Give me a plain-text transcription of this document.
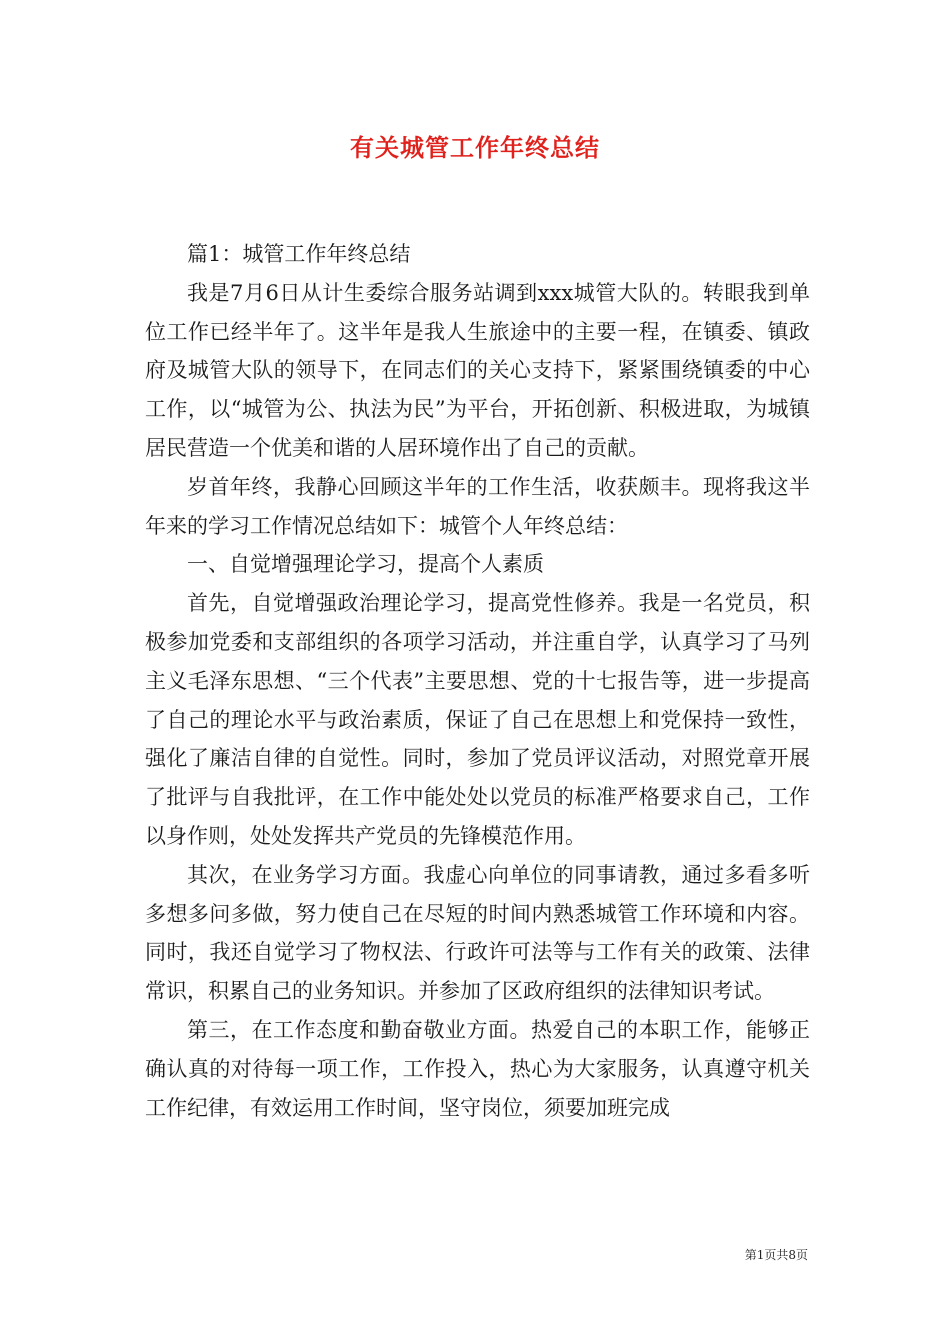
有关城管工作年终总结

篇1：城管工作年终总结

我是7月6日从计生委综合服务站调到xxx城管大队的。转眼我到单位工作已经半年了。这半年是我人生旅途中的主要一程，在镇委、镇政府及城管大队的领导下，在同志们的关心支持下，紧紧围绕镇委的中心工作，以“城管为公、执法为民”为平台，开拓创新、积极进取，为城镇居民营造一个优美和谐的人居环境作出了自己的贡献。

岁首年终，我静心回顾这半年的工作生活，收获颇丰。现将我这半年来的学习工作情况总结如下：城管个人年终总结：

一、自觉增强理论学习，提高个人素质

首先，自觉增强政治理论学习，提高党性修养。我是一名党员，积极参加党委和支部组织的各项学习活动，并注重自学，认真学习了马列主义毛泽东思想、“三个代表”主要思想、党的十七报告等，进一步提高了自己的理论水平与政治素质，保证了自己在思想上和党保持一致性，强化了廉洁自律的自觉性。同时，参加了党员评议活动，对照党章开展了批评与自我批评，在工作中能处处以党员的标准严格要求自己，工作以身作则，处处发挥共产党员的先锋模范作用。

其次，在业务学习方面。我虚心向单位的同事请教，通过多看多听多想多问多做，努力使自己在尽短的时间内熟悉城管工作环境和内容。同时，我还自觉学习了物权法、行政许可法等与工作有关的政策、法律常识，积累自己的业务知识。并参加了区政府组织的法律知识考试。

第三，在工作态度和勤奋敬业方面。热爱自己的本职工作，能够正确认真的对待每一项工作，工作投入，热心为大家服务，认真遵守机关工作纪律，有效运用工作时间，坚守岗位，须要加班完成

第1页共8页
